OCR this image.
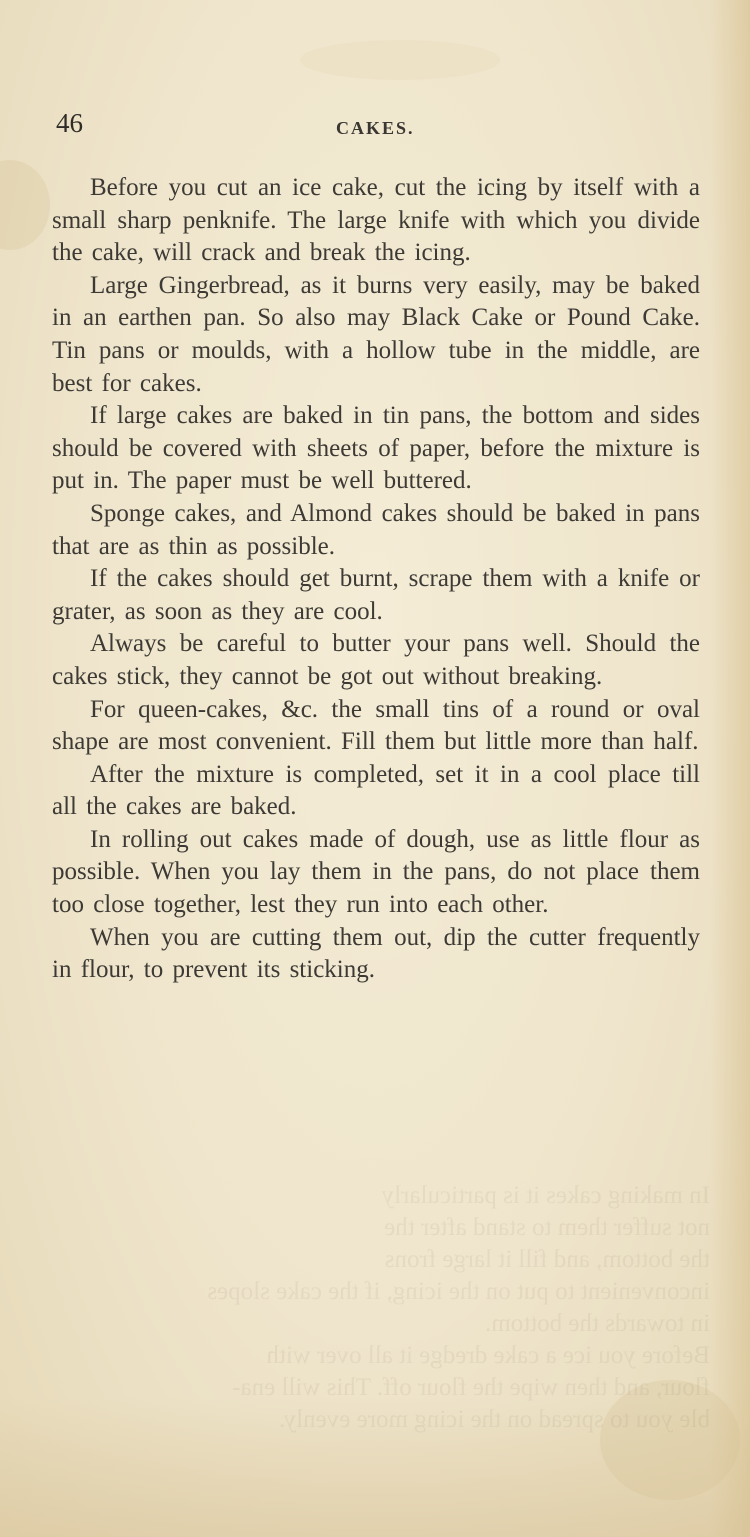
In making cakes it is particularly
not suffer them to stand after the
the bottom, and fill it large frons
inconvenient to put on the icing, if the cake slopes
in towards the bottom.
Before you ice a cake dredge it all over with
flour, and then wipe the flour off. This will ena-
46	CAKES.

Before you cut an ice cake, cut the icing by itself with a small sharp penknife. The large knife with which you divide the cake, will crack and break the icing.

Large Gingerbread, as it burns very easily, may be baked in an earthen pan. So also may Black Cake or Pound Cake. Tin pans or moulds, with a hollow tube in the middle, are best for cakes.

If large cakes are baked in tin pans, the bottom and sides should be covered with sheets of paper, before the mixture is put in. The paper must be well buttered.

Sponge cakes, and Almond cakes should be baked in pans that are as thin as possible.

If the cakes should get burnt, scrape them with a knife or grater, as soon as they are cool.

Always be careful to butter your pans well. Should the cakes stick, they cannot be got out without breaking.

For queen-cakes, &c. the small tins of a round or oval shape are most convenient. Fill them but little more than half.

After the mixture is completed, set it in a cool place till all the cakes are baked.

In rolling out cakes made of dough, use as little flour as possible. When you lay them in the pans, do not place them too close together, lest they run into each other.

When you are cutting them out, dip the cutter frequently in flour, to prevent its sticking.
